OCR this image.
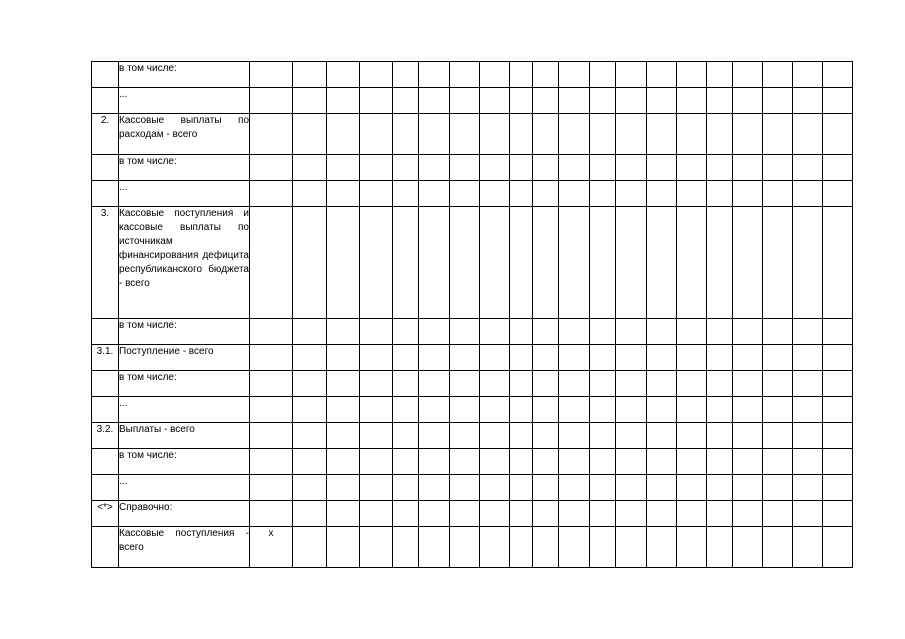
	в том числе:																				

	...																				

2.	Кассовые выплаты по расходам - всего																				

	в том числе:																				

	...																				

3.	Кассовые поступления и кассовые выплаты по источникам финансирования дефицита республиканского бюджета - всего																				

	в том числе:																				

3.1.	Поступление - всего																				

	в том числе:																				

	...																				

3.2.	Выплаты - всего																				

	в том числе:																				

	...																				

<*>	Справочно:																				

	Кассовые поступления - всего	x																			
